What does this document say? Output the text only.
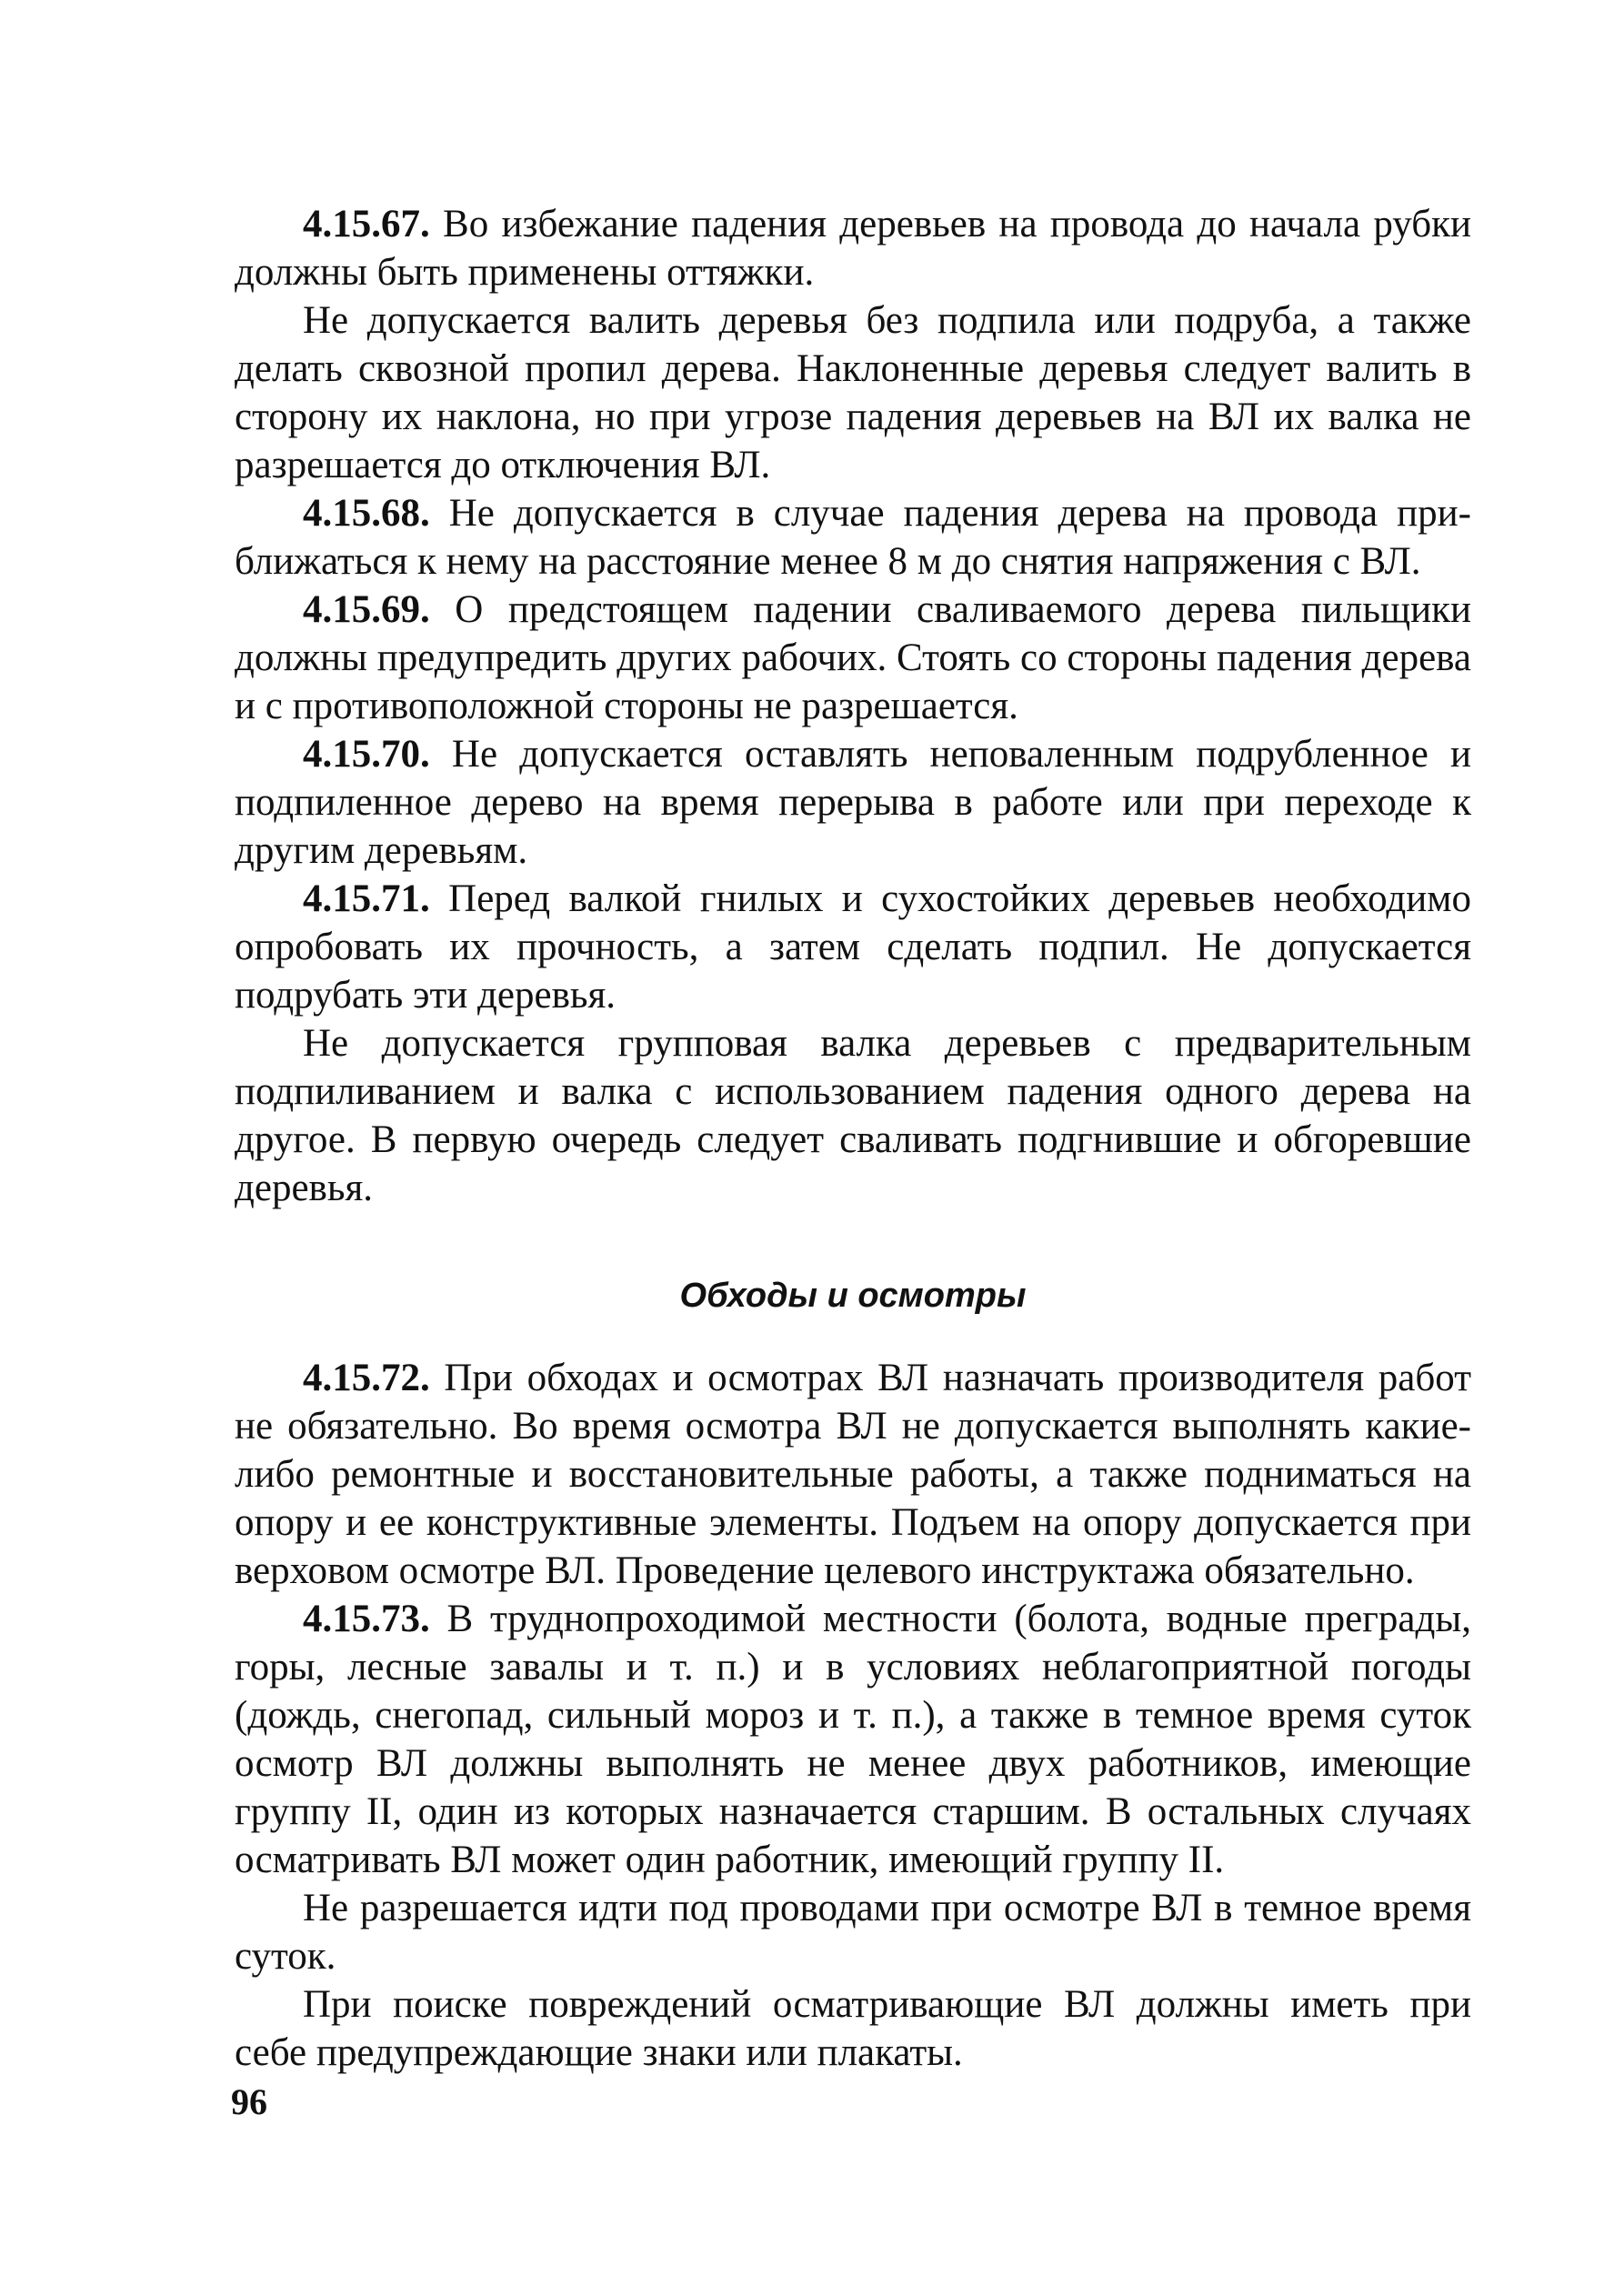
4.15.67. Во избежание падения деревьев на провода до начала рубки должны быть применены оттяжки.

Не допускается валить деревья без подпила или подруба, а также делать сквозной пропил дерева. Наклоненные деревья следует валить в сторону их наклона, но при угрозе падения деревьев на ВЛ их валка не разрешается до отключения ВЛ.

4.15.68. Не допускается в случае падения дерева на провода приближаться к нему на расстояние менее 8 м до снятия напряжения с ВЛ.

4.15.69. О предстоящем падении сваливаемого дерева пильщики должны предупредить других рабочих. Стоять со стороны падения дерева и с противоположной стороны не разрешается.

4.15.70. Не допускается оставлять неповаленным подрубленное и подпиленное дерево на время перерыва в работе или при переходе к другим деревьям.

4.15.71. Перед валкой гнилых и сухостойких деревьев необходимо опробовать их прочность, а затем сделать подпил. Не допускается подрубать эти деревья.

Не допускается групповая валка деревьев с предварительным подпиливанием и валка с использованием падения одного дерева на другое. В первую очередь следует сваливать подгнившие и обгоревшие деревья.

Обходы и осмотры

4.15.72. При обходах и осмотрах ВЛ назначать производителя работ не обязательно. Во время осмотра ВЛ не допускается выполнять какие-либо ремонтные и восстановительные работы, а также подниматься на опору и ее конструктивные элементы. Подъем на опору допускается при верховом осмотре ВЛ. Проведение целевого инструктажа обязательно.

4.15.73. В труднопроходимой местности (болота, водные преграды, горы, лесные завалы и т. п.) и в условиях неблагоприятной погоды (дождь, снегопад, сильный мороз и т. п.), а также в темное время суток осмотр ВЛ должны выполнять не менее двух работников, имеющие группу II, один из которых назначается старшим. В остальных случаях осматривать ВЛ может один работник, имеющий группу II.

Не разрешается идти под проводами при осмотре ВЛ в темное время суток.

При поиске повреждений осматривающие ВЛ должны иметь при себе предупреждающие знаки или плакаты.

96
